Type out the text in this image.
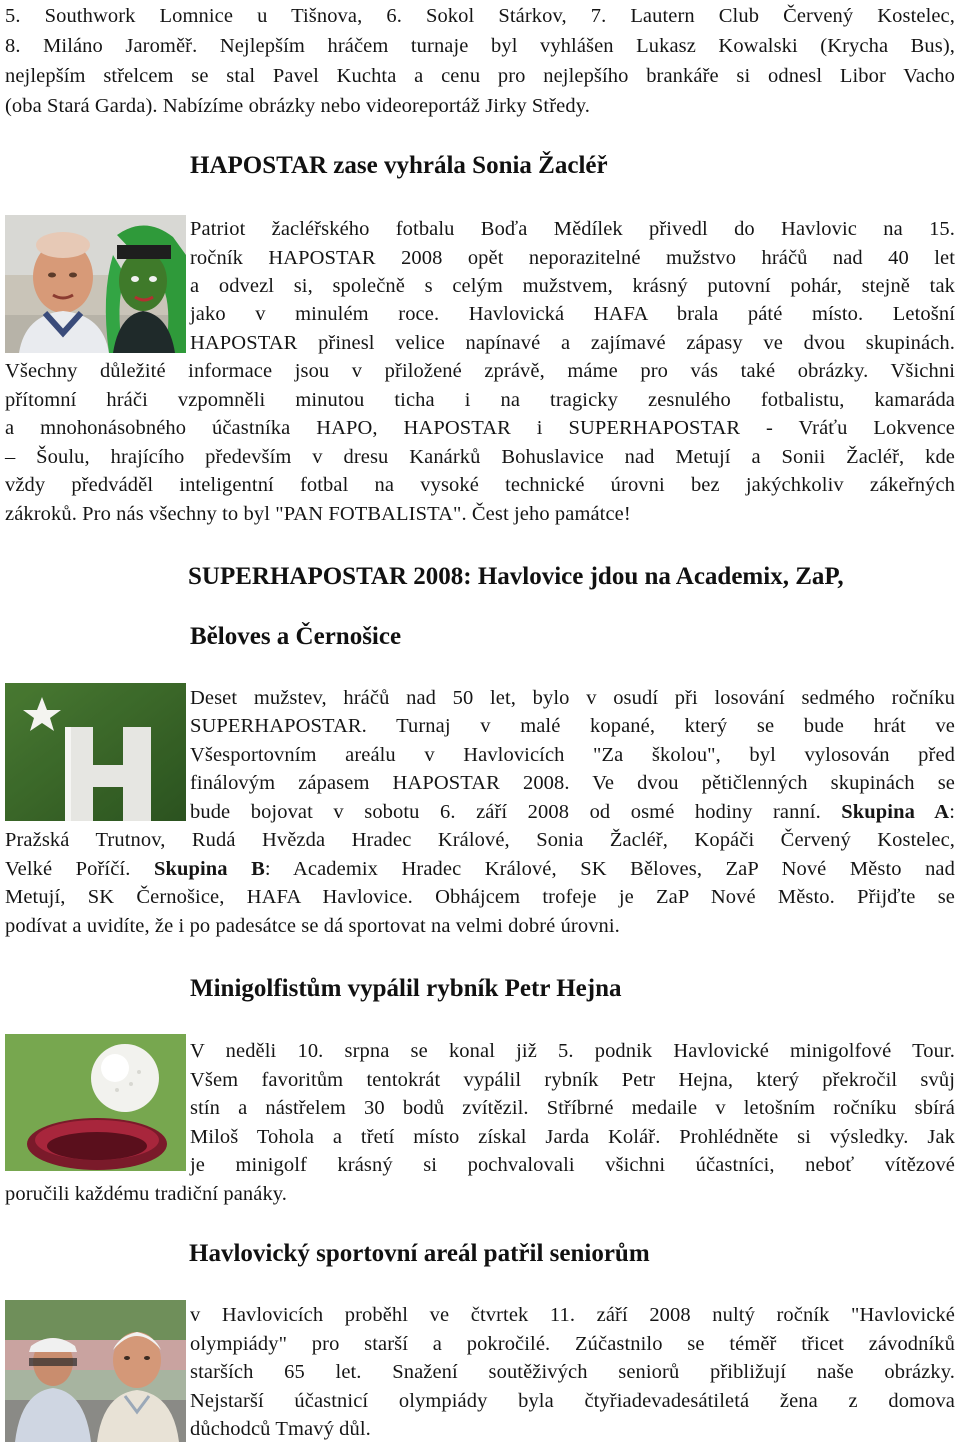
5. Southwork Lomnice u Tišnova, 6. Sokol Stárkov, 7. Lautern Club Červený Kostelec,
8. Miláno Jaroměř. Nejlepším hráčem turnaje byl vyhlášen Lukasz Kowalski (Krycha Bus),
nejlepším střelcem se stal Pavel Kuchta a cenu pro nejlepšího brankáře si odnesl Libor Vacho
(oba Stará Garda). Nabízíme obrázky nebo videoreportáž Jirky Středy.
HAPOSTAR zase vyhrála Sonia Žacléř
Patriot žacléřského fotbalu Boďa Mědílek přivedl do Havlovic na 15.
ročník HAPOSTAR 2008 opět neporazitelné mužstvo hráčů nad 40 let
a odvezl si, společně s celým mužstvem, krásný putovní pohár, stejně tak
jako v minulém roce. Havlovická HAFA brala páté místo. Letošní
HAPOSTAR přinesl velice napínavé a zajímavé zápasy ve dvou skupinách.
Všechny důležité informace jsou v přiložené zprávě, máme pro vás také obrázky. Všichni
přítomní hráči vzpomněli minutou ticha i na tragicky zesnulého fotbalistu, kamaráda
a mnohonásobného účastníka HAPO, HAPOSTAR i SUPERHAPOSTAR - Vráťu Lokvence
– Šoulu, hrajícího především v dresu Kanárků Bohuslavice nad Metují a Sonii Žacléř, kde
vždy předváděl inteligentní fotbal na vysoké technické úrovni bez jakýchkoliv zákeřných
zákroků. Pro nás všechny to byl "PAN FOTBALISTA". Čest jeho památce!
SUPERHAPOSTAR 2008: Havlovice jdou na Academix, ZaP,
Běloves a Černošice
Deset mužstev, hráčů nad 50 let, bylo v osudí při losování sedmého ročníku
SUPERHAPOSTAR. Turnaj v malé kopané, který se bude hrát ve
Všesportovním areálu v Havlovicích "Za školou", byl vylosován před
finálovým zápasem HAPOSTAR 2008. Ve dvou pětičlenných skupinách se
bude bojovat v sobotu 6. září 2008 od osmé hodiny ranní. Skupina A:
Pražská Trutnov, Rudá Hvězda Hradec Králové, Sonia Žacléř, Kopáči Červený Kostelec,
Velké Poříčí. Skupina B: Academix Hradec Králové, SK Běloves, ZaP Nové Město nad
Metují, SK Černošice, HAFA Havlovice. Obhájcem trofeje je ZaP Nové Město. Přijďte se
podívat a uvidíte, že i po padesátce se dá sportovat na velmi dobré úrovni.
Minigolfistům vypálil rybník Petr Hejna
V neděli 10. srpna se konal již 5. podnik Havlovické minigolfové Tour.
Všem favoritům tentokrát vypálil rybník Petr Hejna, který překročil svůj
stín a nástřelem 30 bodů zvítězil. Stříbrné medaile v letošním ročníku sbírá
Miloš Tohola a třetí místo získal Jarda Kolář. Prohlédněte si výsledky. Jak
je minigolf krásný si pochvalovali všichni účastníci, neboť vítězové
poručili každému tradiční panáky.
Havlovický sportovní areál patřil seniorům
v Havlovicích proběhl ve čtvrtek 11. září 2008 nultý ročník "Havlovické
olympiády" pro starší a pokročilé. Zúčastnilo se téměř třicet závodníků
starších 65 let. Snažení soutěživých seniorů přibližují naše obrázky.
Nejstarší účastnicí olympiády byla čtyřiadevadesátiletá žena z domova
důchodců Tmavý důl.
